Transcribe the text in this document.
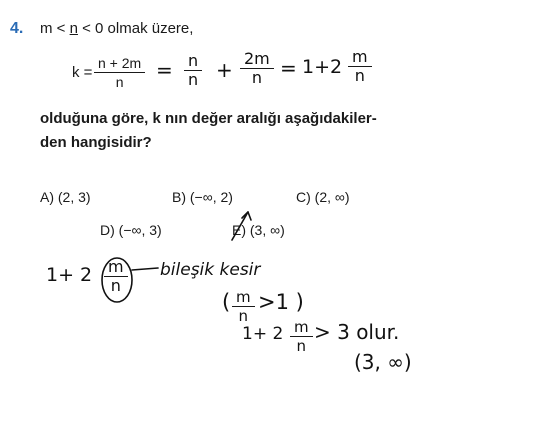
4. m < n < 0 olmak üzere,
$k = \frac{n + 2m}{n} = \frac{n}{n} + \frac{2m}{n} = 1+2 \frac{m}{n}$
olduğuna göre, k nın değer aralığı aşağıdakiler-
den hangisidir?
A) (2, 3)	B) (−∞, 2)	C) (2, ∞)
D) (−∞, 3)	E) (3, ∞)
$1+ 2 \frac{m}{n}$ bileşik kesir
( $\frac{m}{n} >1$ )
$1+ 2 \frac{m}{n} > 3$ olur.
(3, ∞)
